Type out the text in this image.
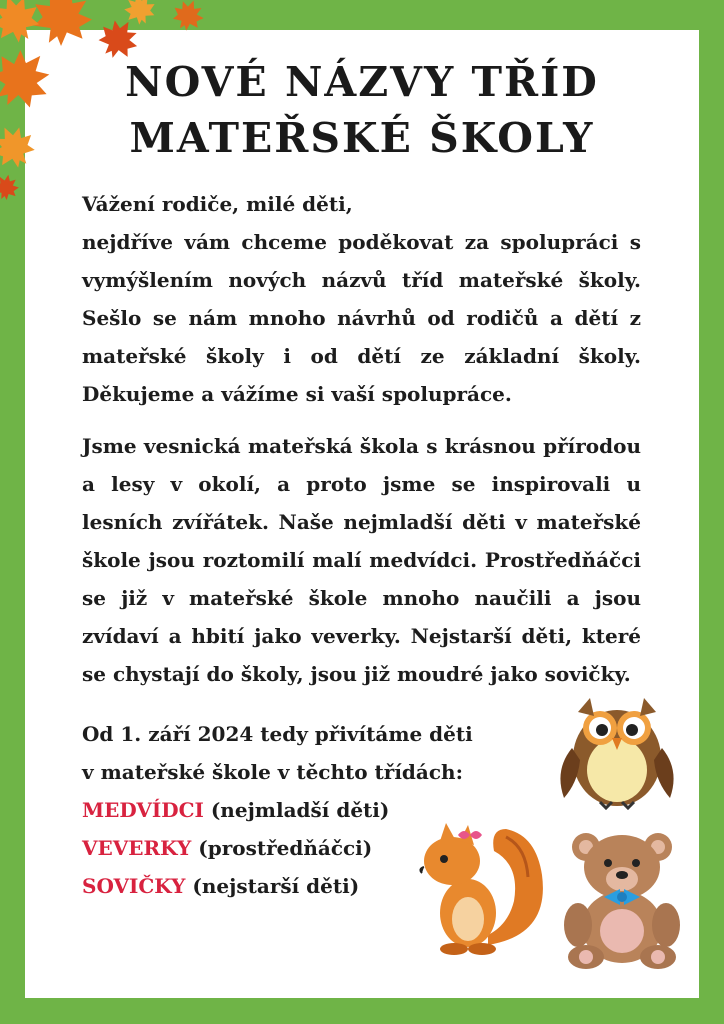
NOVÉ NÁZVY TŘÍD
MATEŘSKÉ ŠKOLY

Vážení rodiče, milé děti,

nejdříve vám chceme poděkovat za spolupráci s vymýšlením nových názvů tříd mateřské školy. Sešlo se nám mnoho návrhů od rodičů a dětí z mateřské školy i od dětí ze základní školy. Děkujeme a vážíme si vaší spolupráce.

Jsme vesnická mateřská škola s krásnou přírodou a lesy v okolí, a proto jsme se inspirovali u lesních zvířátek. Naše nejmladší děti v mateřské škole jsou roztomilí malí medvídci. Prostředňáčci se již v mateřské škole mnoho naučili a jsou zvídaví a hbití jako veverky. Nejstarší děti, které se chystají do školy, jsou již moudré jako sovičky.

Od 1. září 2024 tedy přivítáme děti
v mateřské škole v těchto třídách:

MEDVÍDCI (nejmladší děti)

VEVERKY (prostředňáčci)

SOVIČKY (nejstarší děti)
